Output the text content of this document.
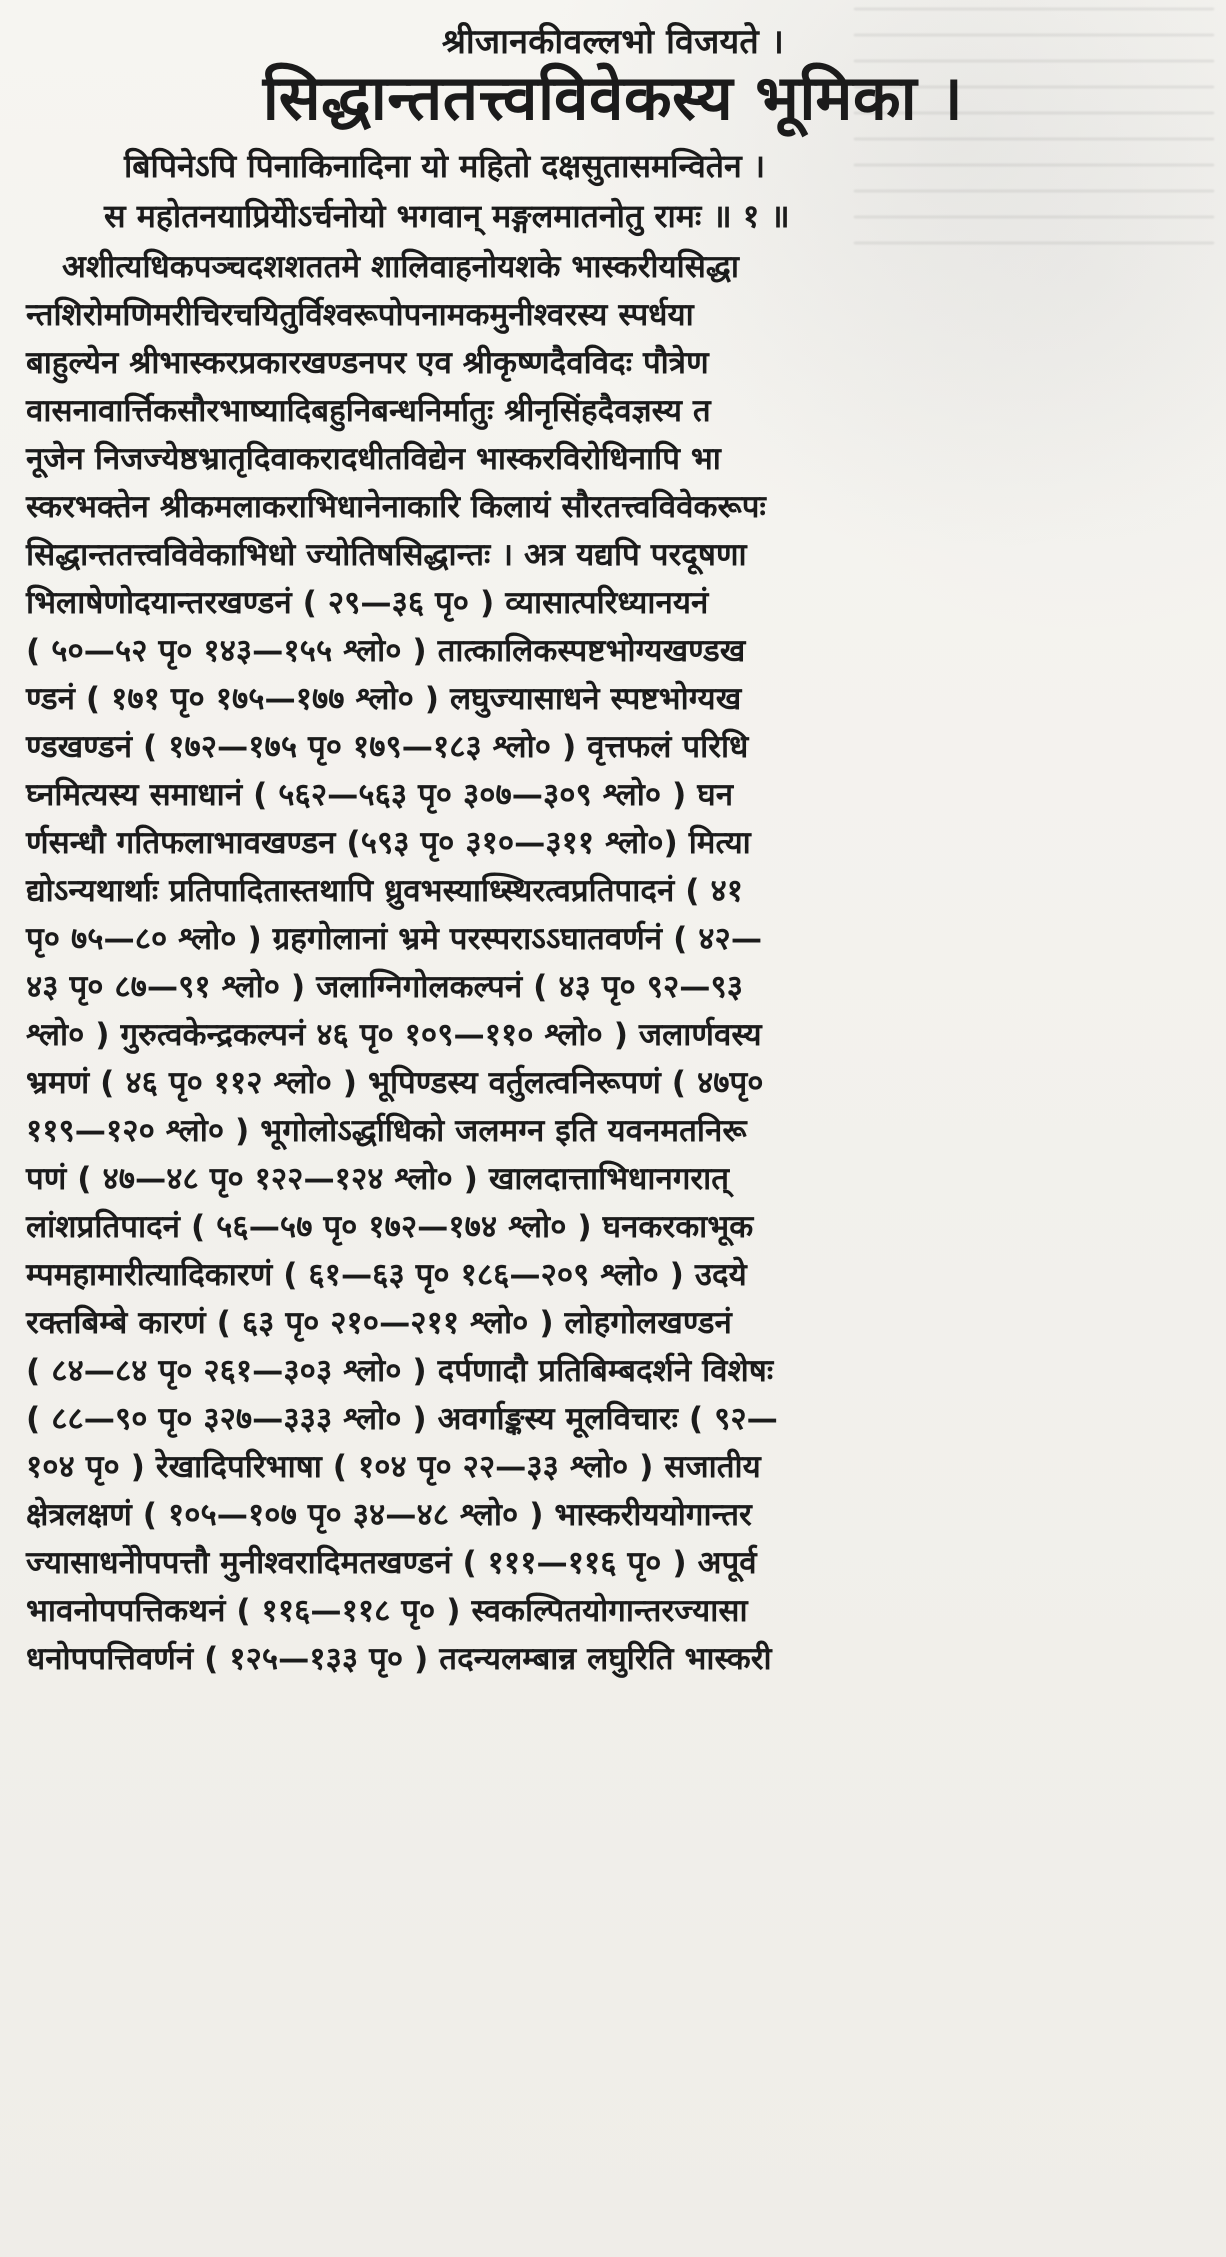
श्रीजानकीवल्लभो विजयते ।
सिद्धान्ततत्त्वविवेकस्य भूमिका ।
बिपिनेऽपि पिनाकिनादिना यो महितो दक्षसुतासमन्वितेन ।
स महोतनयाप्रियेोऽर्चनोयो भगवान् मङ्गलमातनोतु रामः ॥ १ ॥
अशीत्यधिकपञ्चदशशततमे शालिवाहनोयशके भास्करीयसिद्धा
न्तशिरोमणिमरीचिरचयितुर्विश्वरूपोपनामकमुनीश्वरस्य स्पर्धया
बाहुल्येन श्रीभास्करप्रकारखण्डनपर एव श्रीकृष्णदैवविदः पौत्रेण
वासनावार्त्तिकसौरभाष्यादिबहुनिबन्धनिर्मातुः श्रीनृसिंहदैवज्ञस्य त
नूजेन निजज्येष्ठभ्रातृदिवाकरादधीतविद्येन भास्करविरोधिनापि भा
स्करभक्तेन श्रीकमलाकराभिधानेनाकारि किलायं सौरतत्त्वविवेकरूपः
सिद्धान्ततत्त्वविवेकाभिधो ज्योतिषसिद्धान्तः । अत्र यद्यपि परदूषणा
भिलाषेणोदयान्तरखण्डनं ( २९—३६ पृ० ) व्यासात्परिध्यानयनं
( ५०—५२ पृ० १४३—१५५ श्लो० ) तात्कालिकस्पष्टभोग्यखण्डख
ण्डनं ( १७१ पृ० १७५—१७७ श्लो० ) लघुज्यासाधने स्पष्टभोग्यख
ण्डखण्डनं ( १७२—१७५ पृ० १७९—१८३ श्लो० ) वृत्तफलं परिधि
घ्नमित्यस्य समाधानं ( ५६२—५६३ पृ० ३०७—३०९ श्लो० ) घन
र्णसन्धौ गतिफलाभावखण्डन (५९३ पृ० ३१०—३११ श्लो०) मित्या
द्योऽन्यथार्थाः प्रतिपादितास्तथापि ध्रुवभस्याध्स्थिरत्वप्रतिपादनं ( ४१
पृ० ७५—८० श्लो० ) ग्रहगोलानां भ्रमे परस्पराऽऽघातवर्णनं ( ४२—
४३ पृ० ८७—९१ श्लो० ) जलाग्निगोलकल्पनं ( ४३ पृ० ९२—९३
श्लो० ) गुरुत्वकेन्द्रकल्पनं ४६ पृ० १०९—११० श्लो० ) जलार्णवस्य
भ्रमणं ( ४६ पृ० ११२ श्लो० ) भूपिण्डस्य वर्तुलत्वनिरूपणं ( ४७पृ०
११९—१२० श्लो० ) भूगोलोऽर्द्धाधिको जलमग्न इति यवनमतनिरू
पणं ( ४७—४८ पृ० १२२—१२४ श्लो० ) खालदात्ताभिधानगरात्
लांशप्रतिपादनं ( ५६—५७ पृ० १७२—१७४ श्लो० ) घनकरकाभूक
म्पमहामारीत्यादिकारणं ( ६१—६३ पृ० १८६—२०९ श्लो० ) उदये
रक्तबिम्बे कारणं ( ६३ पृ० २१०—२११ श्लो० ) लोहगोलखण्डनं
( ८४—८४ पृ० २६१—३०३ श्लो० ) दर्पणादौ प्रतिबिम्बदर्शने विशेषः
( ८८—९० पृ० ३२७—३३३ श्लो० ) अवर्गाङ्कस्य मूलविचारः ( ९२—
१०४ पृ० ) रेखादिपरिभाषा ( १०४ पृ० २२—३३ श्लो० ) सजातीय
क्षेत्रलक्षणं ( १०५—१०७ पृ० ३४—४८ श्लो० ) भास्करीययोगान्तर
ज्यासाधनेोपपत्तौ मुनीश्वरादिमतखण्डनं ( १११—११६ पृ० ) अपूर्व
भावनोपपत्तिकथनं ( ११६—११८ पृ० ) स्वकल्पितयोगान्तरज्यासा
धनोपपत्तिवर्णनं ( १२५—१३३ पृ० ) तदन्यलम्बान्न लघुरिति भास्करी
